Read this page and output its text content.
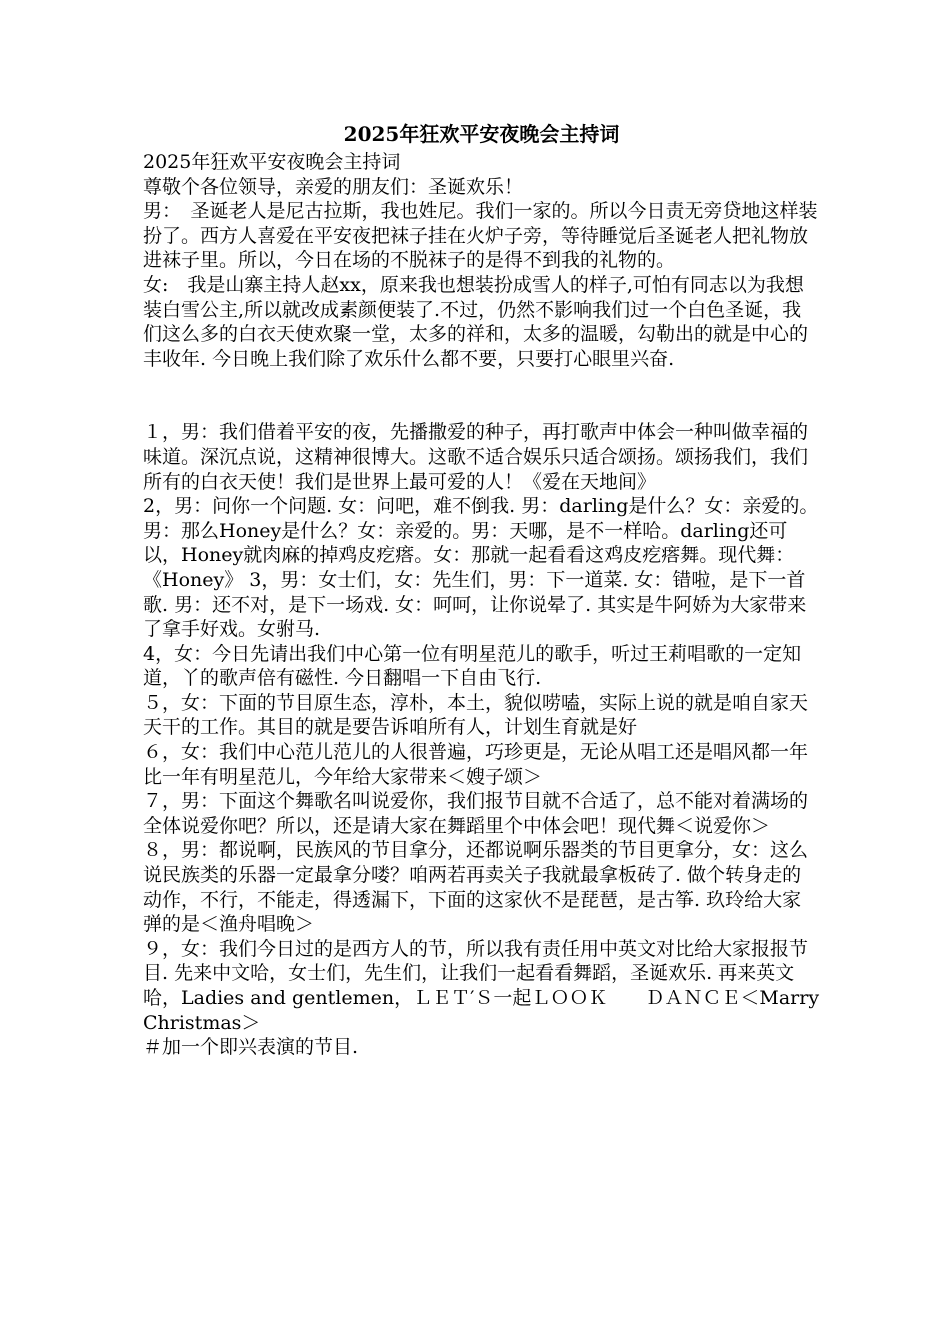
2025年狂欢平安夜晚会主持词

2025年狂欢平安夜晚会主持词

尊敬个各位领导，亲爱的朋友们：圣诞欢乐！

男：　圣诞老人是尼古拉斯，我也姓尼。我们一家的。所以今日责无旁贷地这样装扮了。西方人喜爱在平安夜把袜子挂在火炉子旁，等待睡觉后圣诞老人把礼物放进袜子里。所以，今日在场的不脱袜子的是得不到我的礼物的。

女:　我是山寨主持人赵xx，原来我也想装扮成雪人的样子,可怕有同志以为我想装白雪公主,所以就改成素颜便装了.不过，仍然不影响我们过一个白色圣诞，我们这么多的白衣天使欢聚一堂，太多的祥和，太多的温暖，勾勒出的就是中心的丰收年. 今日晚上我们除了欢乐什么都不要，只要打心眼里兴奋.

１，男：我们借着平安的夜，先播撒爱的种子，再打歌声中体会一种叫做幸福的味道。深沉点说，这精神很博大。这歌不适合娱乐只适合颂扬。颂扬我们，我们所有的白衣天使！我们是世界上最可爱的人！《爱在天地间》

2，男：问你一个问题. 女：问吧，难不倒我. 男：darling是什么？女：亲爱的。男：那么Honey是什么？女：亲爱的。男：天哪，是不一样哈。darling还可以，Honey就肉麻的掉鸡皮疙瘩。女：那就一起看看这鸡皮疙瘩舞。现代舞：《Honey》 3，男：女士们，女：先生们，男：下一道菜. 女：错啦，是下一首歌. 男：还不对，是下一场戏. 女：呵呵，让你说晕了. 其实是牛阿娇为大家带来了拿手好戏。女驸马.

4，女：今日先请出我们中心第一位有明星范儿的歌手，听过王莉唱歌的一定知道，丫的歌声倍有磁性. 今日翻唱一下自由飞行.

５，女：下面的节目原生态，淳朴，本土，貌似唠嗑，实际上说的就是咱自家天天干的工作。其目的就是要告诉咱所有人，计划生育就是好

６，女：我们中心范儿范儿的人很普遍，巧珍更是，无论从唱工还是唱风都一年比一年有明星范儿，今年给大家带来＜嫂子颂＞

７，男：下面这个舞歌名叫说爱你，我们报节目就不合适了，总不能对着满场的全体说爱你吧？所以，还是请大家在舞蹈里个中体会吧！现代舞＜说爱你＞

８，男：都说啊，民族风的节目拿分，还都说啊乐器类的节目更拿分，女：这么说民族类的乐器一定最拿分喽？咱两若再卖关子我就最拿板砖了. 做个转身走的动作，不行，不能走，得透漏下，下面的这家伙不是琵琶，是古筝. 玖玲给大家弹的是＜渔舟唱晚＞

９，女：我们今日过的是西方人的节，所以我有责任用中英文对比给大家报报节目. 先来中文哈，女士们，先生们，让我们一起看看舞蹈，圣诞欢乐. 再来英文哈，Ladies and gentlemen，ＬＥＴ′Ｓ一起ＬＯＯＫ　　ＤＡＮＣＥ＜Marry Christmas＞

＃加一个即兴表演的节目.
